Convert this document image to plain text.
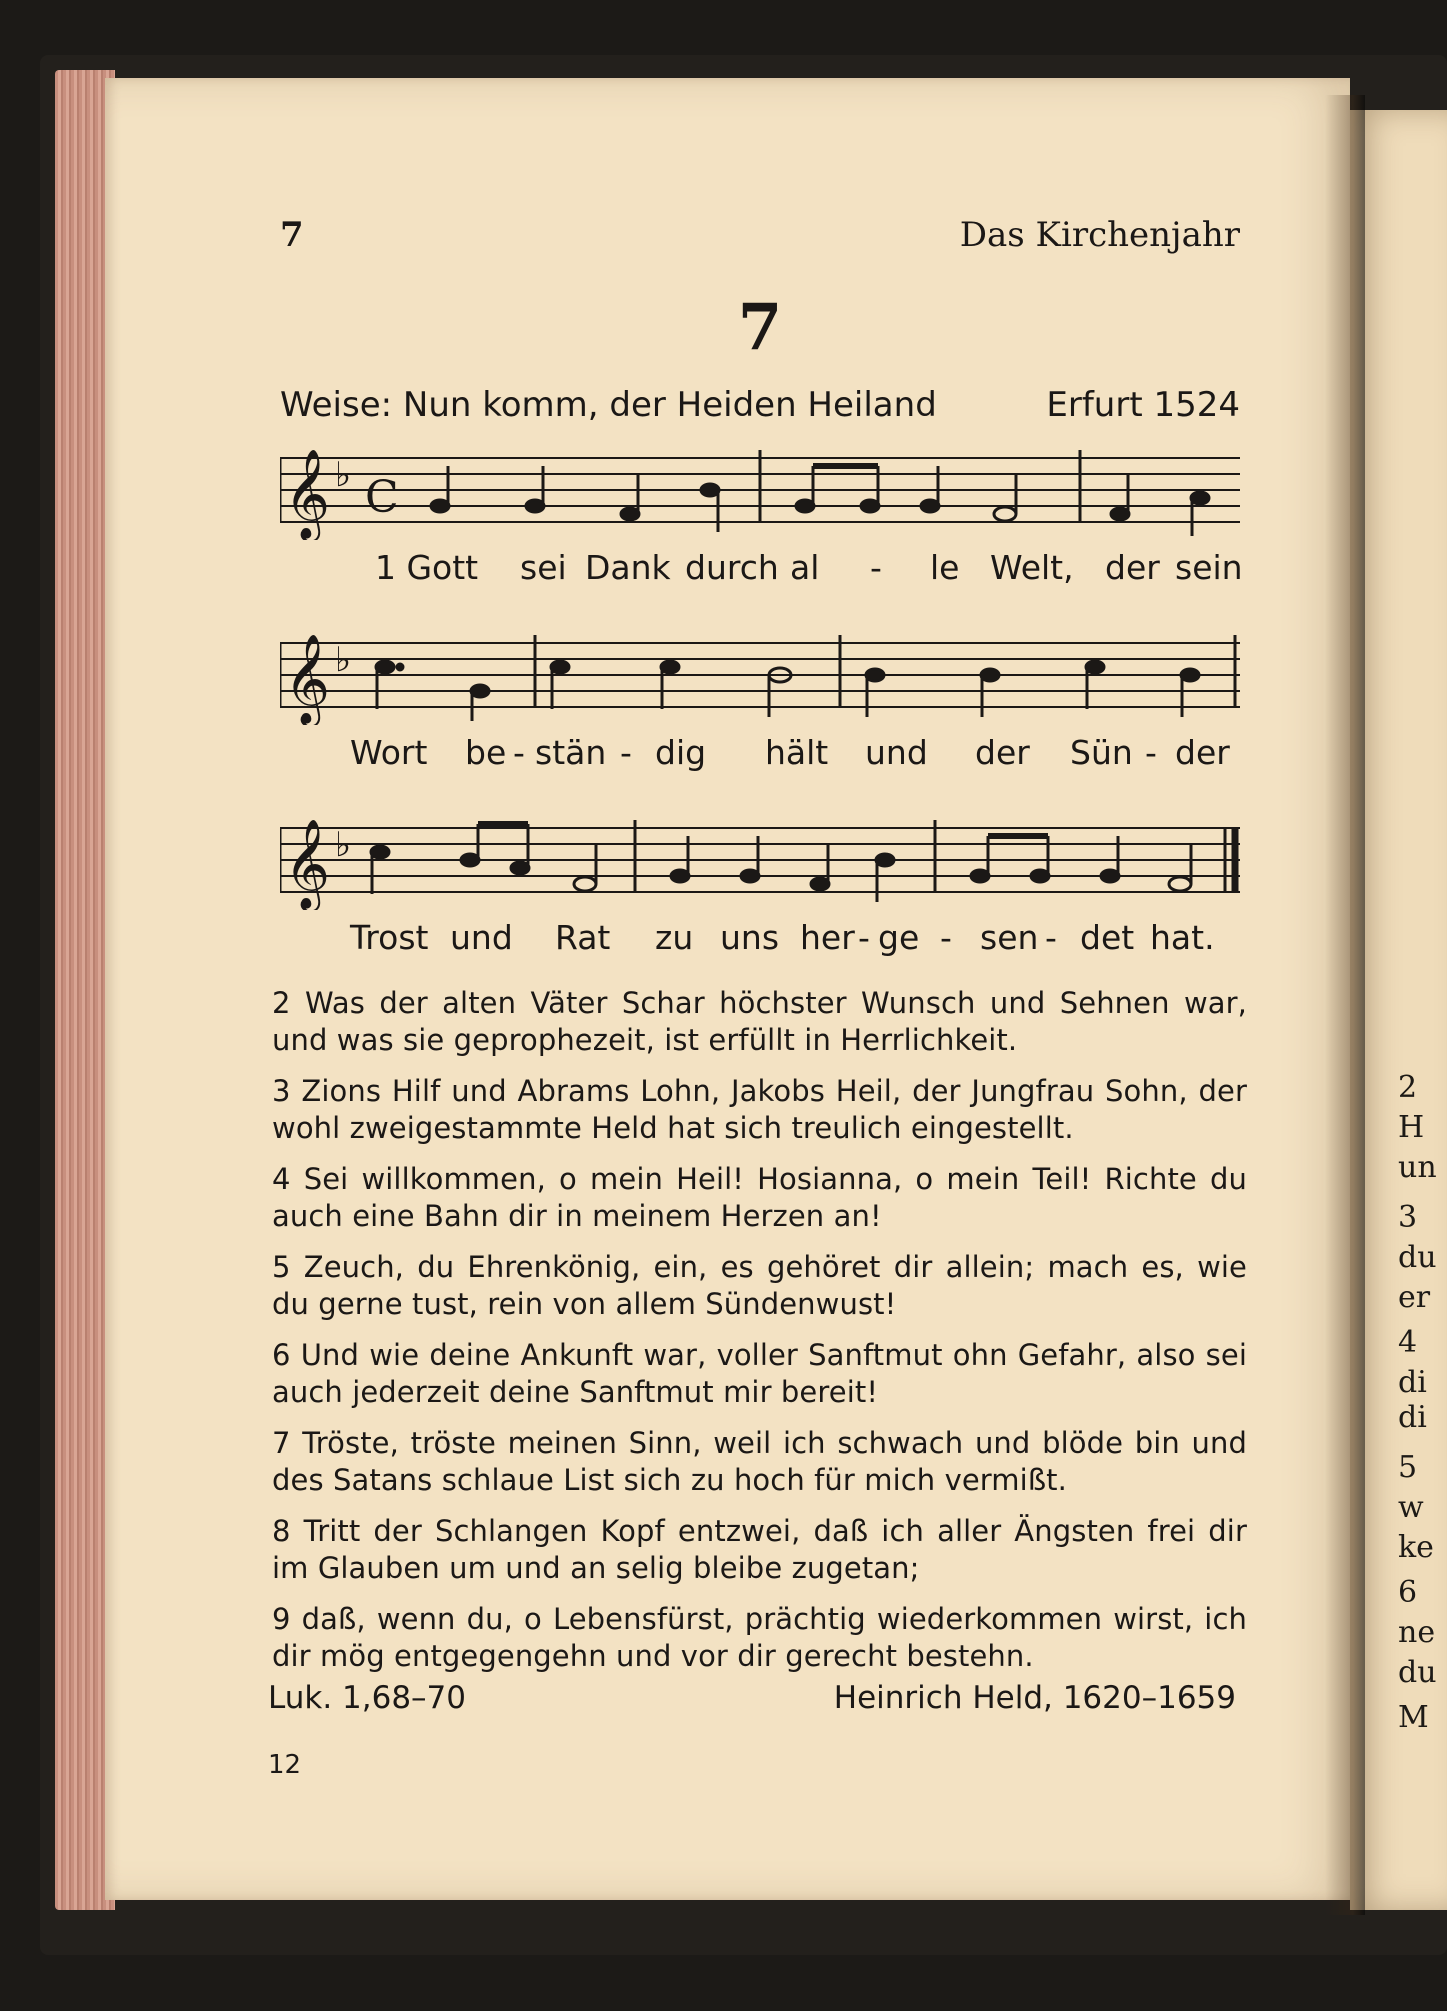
2
H
un
3
du
er
4
di
di
5
w
ke
6
ne
du
M
7	Das Kirchenjahr
7
Weise: Nun komm, der Heiden Heiland	Erfurt 1524
𝄞 ♭ C
1 Gott sei Dank durch al - le Welt, der sein
𝄞 ♭
Wort be - stän - dig hält und der Sün - der
𝄞 ♭
Trost und Rat zu uns her - ge - sen - det hat.
2 Was der alten Väter Schar höchster Wunsch und Sehnen war, und was sie geprophezeit, ist erfüllt in Herrlichkeit.
3 Zions Hilf und Abrams Lohn, Jakobs Heil, der Jungfrau Sohn, der wohl zweigestammte Held hat sich treulich eingestellt.
4 Sei willkommen, o mein Heil! Hosianna, o mein Teil! Richte du auch eine Bahn dir in meinem Herzen an!
5 Zeuch, du Ehrenkönig, ein, es gehöret dir allein; mach es, wie du gerne tust, rein von allem Sündenwust!
6 Und wie deine Ankunft war, voller Sanftmut ohn Gefahr, also sei auch jederzeit deine Sanftmut mir bereit!
7 Tröste, tröste meinen Sinn, weil ich schwach und blöde bin und des Satans schlaue List sich zu hoch für mich vermißt.
8 Tritt der Schlangen Kopf entzwei, daß ich aller Ängsten frei dir im Glauben um und an selig bleibe zugetan;
9 daß, wenn du, o Lebensfürst, prächtig wiederkommen wirst, ich dir mög entgegengehn und vor dir gerecht bestehn.
Luk. 1,68–70	Heinrich Held, 1620–1659
12
